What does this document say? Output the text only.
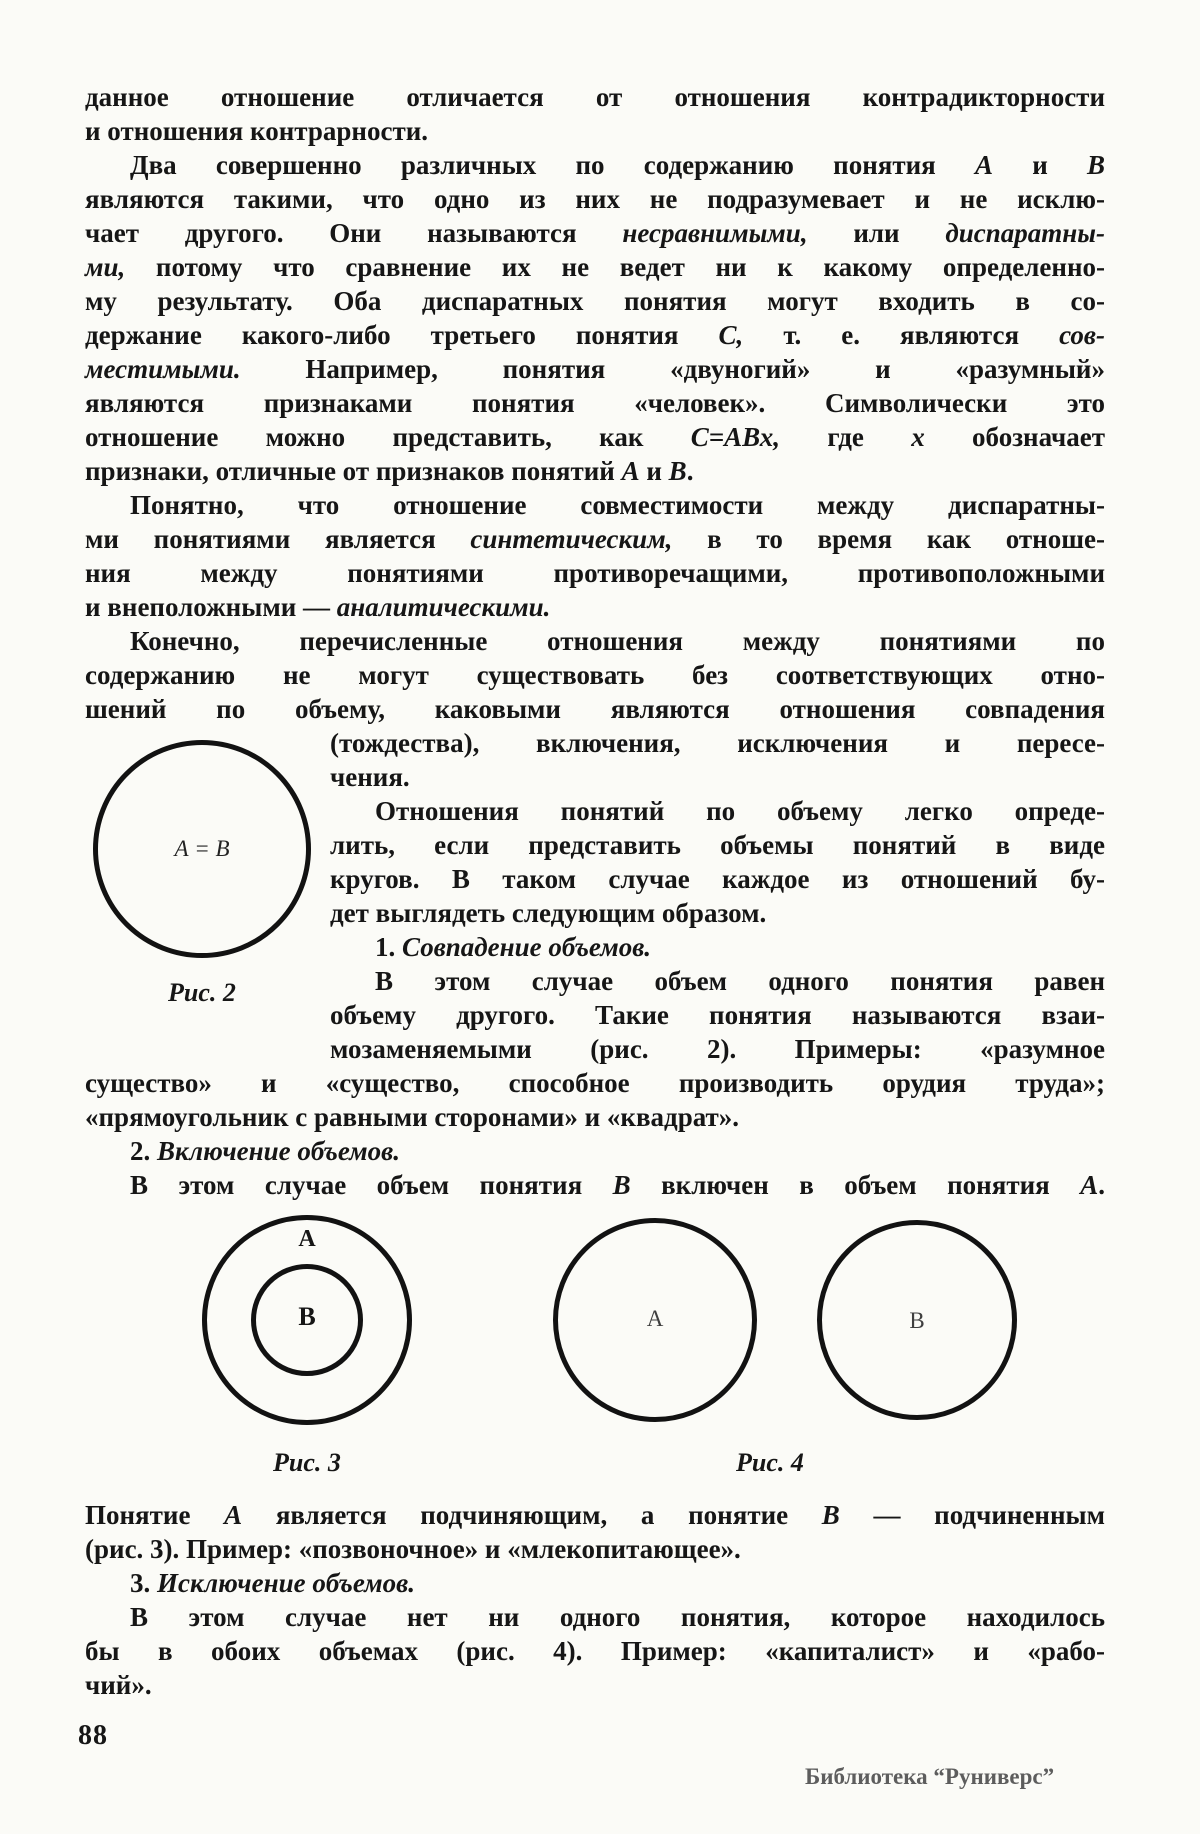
данное отношение отличается от отношения контрадикторности
и отношения контрарности.
Два совершенно различных по содержанию понятия А и В
являются такими, что одно из них не подразумевает и не исклю-
чает другого. Они называются несравнимыми, или диспаратны-
ми, потому что сравнение их не ведет ни к какому определенно-
му результату. Оба диспаратных понятия могут входить в со-
держание какого-либо третьего понятия С, т. е. являются сов-
местимыми. Например, понятия «двуногий» и «разумный»
являются признаками понятия «человек». Символически это
отношение можно представить, как С=АВх, где х обозначает
признаки, отличные от признаков понятий А и В.
Понятно, что отношение совместимости между диспаратны-
ми понятиями является синтетическим, в то время как отноше-
ния между понятиями противоречащими, противоположными
и внеположными — аналитическими.
Конечно, перечисленные отношения между понятиями по
содержанию не могут существовать без соответствующих отно-
шений по объему, каковыми являются отношения совпадения
А = В
Рис. 2
(тождества), включения, исключения и пересе-
чения.
Отношения понятий по объему легко опреде-
лить, если представить объемы понятий в виде
кругов. В таком случае каждое из отношений бу-
дет выглядеть следующим образом.
1. Совпадение объемов.
В этом случае объем одного понятия равен
объему другого. Такие понятия называются взаи-
мозаменяемыми (рис. 2). Примеры: «разумное
существо» и «существо, способное производить орудия труда»;
«прямоугольник с равными сторонами» и «квадрат».
2. Включение объемов.
В этом случае объем понятия В включен в объем понятия А.
А
В
Рис. 3
А	В
Рис. 4
Понятие А является подчиняющим, а понятие В — подчиненным
(рис. 3). Пример: «позвоночное» и «млекопитающее».
3. Исключение объемов.
В этом случае нет ни одного понятия, которое находилось
бы в обоих объемах (рис. 4). Пример: «капиталист» и «рабо-
чий».
88
Библиотека “Руниверс”
